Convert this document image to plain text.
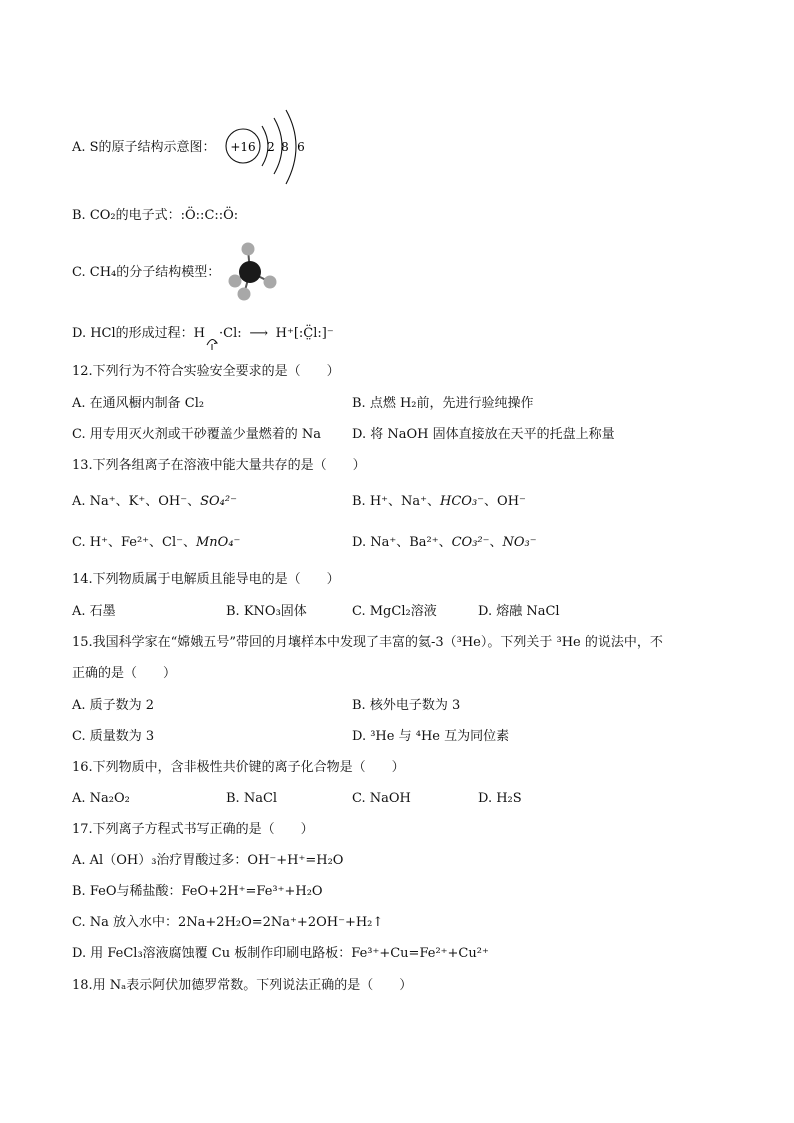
A. S的原子结构示意图： +16 2 8 6
B. CO₂的电子式：:Ö::C::Ö:
C. CH₄的分子结构模型：
D. HCl的形成过程：H ·Cl: ⟶ H⁺[:C̤̈l:]⁻
12.下列行为不符合实验安全要求的是（　　）
A. 在通风橱内制备 Cl₂	B. 点燃 H₂前，先进行验纯操作
C. 用专用灭火剂或干砂覆盖少量燃着的 Na D. 将 NaOH 固体直接放在天平的托盘上称量
13.下列各组离子在溶液中能大量共存的是（　　）
A. Na⁺、K⁺、OH⁻、SO₄²⁻	B. H⁺、Na⁺、HCO₃⁻、OH⁻
C. H⁺、Fe²⁺、Cl⁻、MnO₄⁻	D. Na⁺、Ba²⁺、CO₃²⁻、NO₃⁻
14.下列物质属于电解质且能导电的是（　　）
A. 石墨	B. KNO₃固体	C. MgCl₂溶液	D. 熔融 NaCl
15.我国科学家在“嫦娥五号”带回的月壤样本中发现了丰富的氦-3（³He）。下列关于 ³He 的说法中，不
正确的是（　　）
A. 质子数为 2	B. 核外电子数为 3
C. 质量数为 3	D. ³He 与 ⁴He 互为同位素
16.下列物质中，含非极性共价键的离子化合物是（　　）
A. Na₂O₂	B. NaCl	C. NaOH	D. H₂S
17.下列离子方程式书写正确的是（　　）
A. Al（OH）₃治疗胃酸过多：OH⁻+H⁺=H₂O
B. FeO与稀盐酸：FeO+2H⁺=Fe³⁺+H₂O
C. Na 放入水中：2Na+2H₂O=2Na⁺+2OH⁻+H₂↑
D. 用 FeCl₃溶液腐蚀覆 Cu 板制作印刷电路板：Fe³⁺+Cu=Fe²⁺+Cu²⁺
18.用 Nₐ表示阿伏加德罗常数。下列说法正确的是（　　）
